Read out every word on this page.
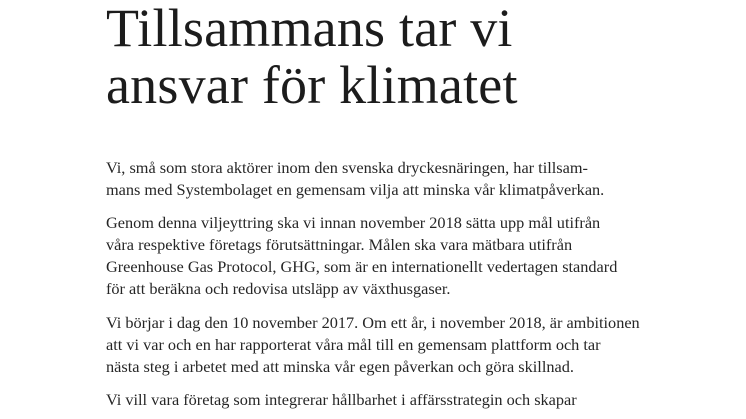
Tillsammans tar vi
ansvar för klimatet

Vi, små som stora aktörer inom den svenska dryckesnäringen, har tillsam-
mans med Systembolaget en gemensam vilja att minska vår klimatpåverkan.

Genom denna viljeyttring ska vi innan november 2018 sätta upp mål utifrån
våra respektive företags förutsättningar. Målen ska vara mätbara utifrån
Greenhouse Gas Protocol, GHG, som är en internationellt vedertagen standard
för att beräkna och redovisa utsläpp av växthusgaser.

Vi börjar i dag den 10 november 2017. Om ett år, i november 2018, är ambitionen
att vi var och en har rapporterat våra mål till en gemensam plattform och tar
nästa steg i arbetet med att minska vår egen påverkan och göra skillnad.

Vi vill vara företag som integrerar hållbarhet i affärsstrategin och skapar
